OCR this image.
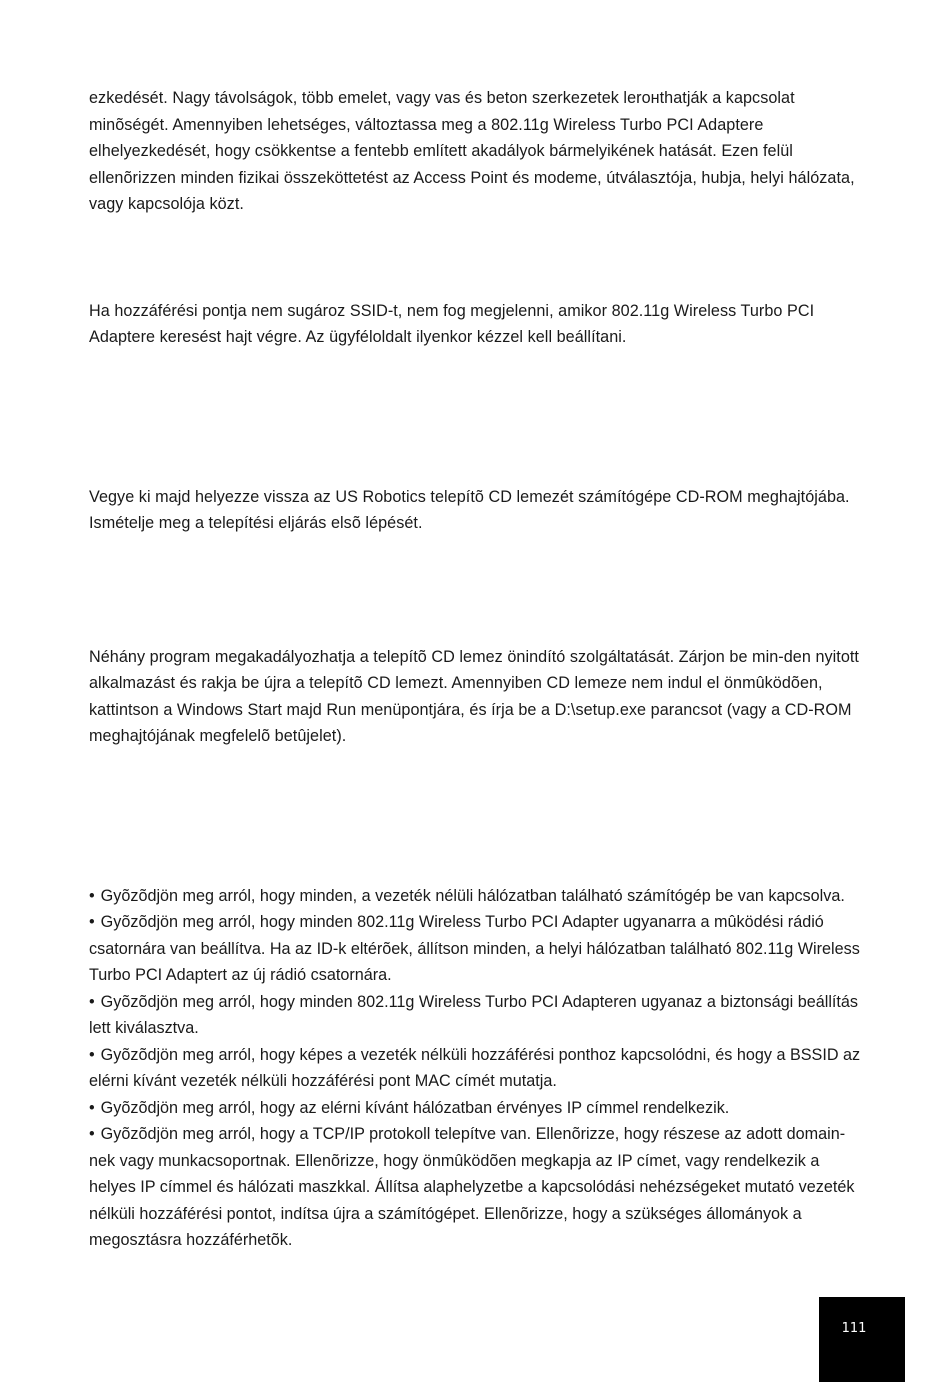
ezkedését. Nagy távolságok, több emelet, vagy vas és beton szerkezetek lerонthatják a kapcsolat minõségét. Amennyiben lehetséges, változtassa meg a 802.11g Wireless Turbo PCI Adaptere elhelyezkedését, hogy csökkentse a fentebb említett akadályok bármelyikének hatását. Ezen felül ellenõrizzen minden fizikai összeköttetést az Access Point és modeme, útválasztója, hubja, helyi hálózata, vagy kapcsolója közt.

Ha hozzáférési pontja nem sugároz SSID-t, nem fog megjelenni, amikor 802.11g Wireless Turbo PCI Adaptere keresést hajt végre. Az ügyféloldalt ilyenkor kézzel kell beállítani.

Vegye ki majd helyezze vissza az US Robotics telepítõ CD lemezét számítógépe CD-ROM meghajtójába. Ismételje meg a telepítési eljárás elsõ lépését.

Néhány program megakadályozhatja a telepítõ CD lemez önindító szolgáltatását. Zárjon be min-den nyitott alkalmazást és rakja be újra a telepítõ CD lemezt. Amennyiben CD lemeze nem indul el önmûködõen, kattintson a Windows Start majd Run menüpontjára, és írja be a D:\setup.exe parancsot (vagy a CD-ROM meghajtójának megfelelõ betûjelet).

• Gyõzõdjön meg arról, hogy minden, a vezeték nélüli hálózatban található számítógép be van kapcsolva.

• Gyõzõdjön meg arról, hogy minden 802.11g Wireless Turbo PCI Adapter ugyanarra a mûködési rádió csatornára van beállítva. Ha az ID-k eltérõek, állítson minden, a helyi hálózatban található 802.11g Wireless Turbo PCI Adaptert az új rádió csatornára.

• Gyõzõdjön meg arról, hogy minden 802.11g Wireless Turbo PCI Adapteren ugyanaz a biztonsági beállítás lett kiválasztva.

• Gyõzõdjön meg arról, hogy képes a vezeték nélküli hozzáférési ponthoz kapcsolódni, és hogy a BSSID az elérni kívánt vezeték nélküli hozzáférési pont MAC címét mutatja.

• Gyõzõdjön meg arról, hogy az elérni kívánt hálózatban érvényes IP címmel rendelkezik.

• Gyõzõdjön meg arról, hogy a TCP/IP protokoll telepítve van. Ellenõrizze, hogy részese az adott domain-nek vagy munkacsoportnak. Ellenõrizze, hogy önmûködõen megkapja az IP címet, vagy rendelkezik a helyes IP címmel és hálózati maszkkal. Állítsa alaphelyzetbe a kapcsolódási nehézségeket mutató vezeték nélküli hozzáférési pontot, indítsa újra a számítógépet. Ellenõrizze, hogy a szükséges állományok a megosztásra hozzáférhetõk.

111
